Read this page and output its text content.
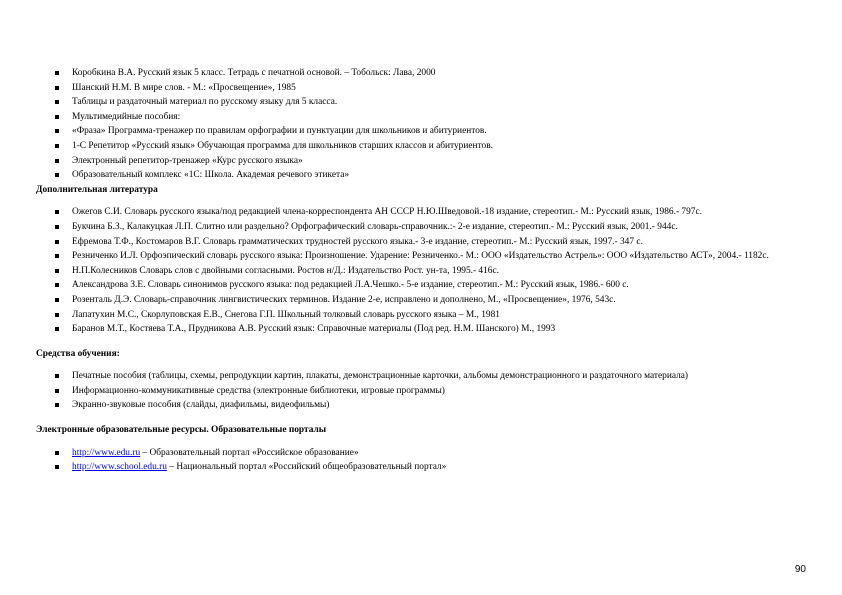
Коробкина В.А. Русский язык 5 класс. Тетрадь с печатной основой. – Тобольск: Лава, 2000
Шанский Н.М. В мире слов. - М.: «Просвещение», 1985
Таблицы и раздаточный материал по русскому языку для 5 класса.
Мультимедийные пособия:
«Фраза» Программа-тренажер по правилам орфографии и пунктуации для школьников и абитуриентов.
1-С Репетитор «Русский язык» Обучающая программа для школьников старших классов и абитуриентов.
Электронный репетитор-тренажер «Курс русского языка»
Образовательный комплекс «1С: Школа. Академая речевого этикета»

Дополнительная литература

Ожегов С.И. Словарь русского языка/под редакцией члена-корреспондента АН СССР Н.Ю.Шведовой.-18 издание, стереотип.- М.: Русский язык, 1986.- 797с.
Букчина Б.З., Калакуцкая Л.П. Слитно или раздельно? Орфографический словарь-справочник.:- 2-е издание, стереотип.- М.: Русский язык, 2001.- 944с.
Ефремова Т.Ф., Костомаров В.Г. Словарь грамматических трудностей русского языка.- 3-е издание, стереотип.- М.: Русский язык, 1997.- 347 с.
Резниченко И.Л. Орфоэпический словарь русского языка: Произношение. Ударение: Резниченко.- М.: ООО «Издательство Астрель»: ООО «Издательство АСТ», 2004.- 1182с.
Н.П.Колесников Словарь слов с двойными согласными. Ростов н/Д.: Издательство Рост. ун-та, 1995.- 416с.
Александрова З.Е. Словарь синонимов русского языка: под редакцией Л.А.Чешко.- 5-е издание, стереотип.- М.: Русский язык, 1986.- 600 с.
Розенталь Д.Э. Словарь-справочник лингвистических терминов. Издание 2-е, исправлено и дополнено, М., «Просвещение», 1976, 543с.
Лапатухин М.С., Скорлуповская Е.В., Снегова Г.П. Школьный толковый словарь русского языка – М., 1981
Баранов М.Т., Костяева Т.А., Прудникова А.В. Русский язык: Справочные материалы (Под ред. Н.М. Шанского) М., 1993

Средства обучения:

Печатные пособия (таблицы, схемы, репродукции картин, плакаты, демонстрационные карточки, альбомы демонстрационного и раздаточного материала)
Информационно-коммуникативные средства (электронные библиотеки, игровые программы)
Экранно-звуковые пособия (слайды, диафильмы, видеофильмы)

Электронные образовательные ресурсы. Образовательные порталы

http://www.edu.ru – Образовательный портал «Российское образование»
http://www.school.edu.ru – Национальный портал «Российский общеобразовательный портал»
90
